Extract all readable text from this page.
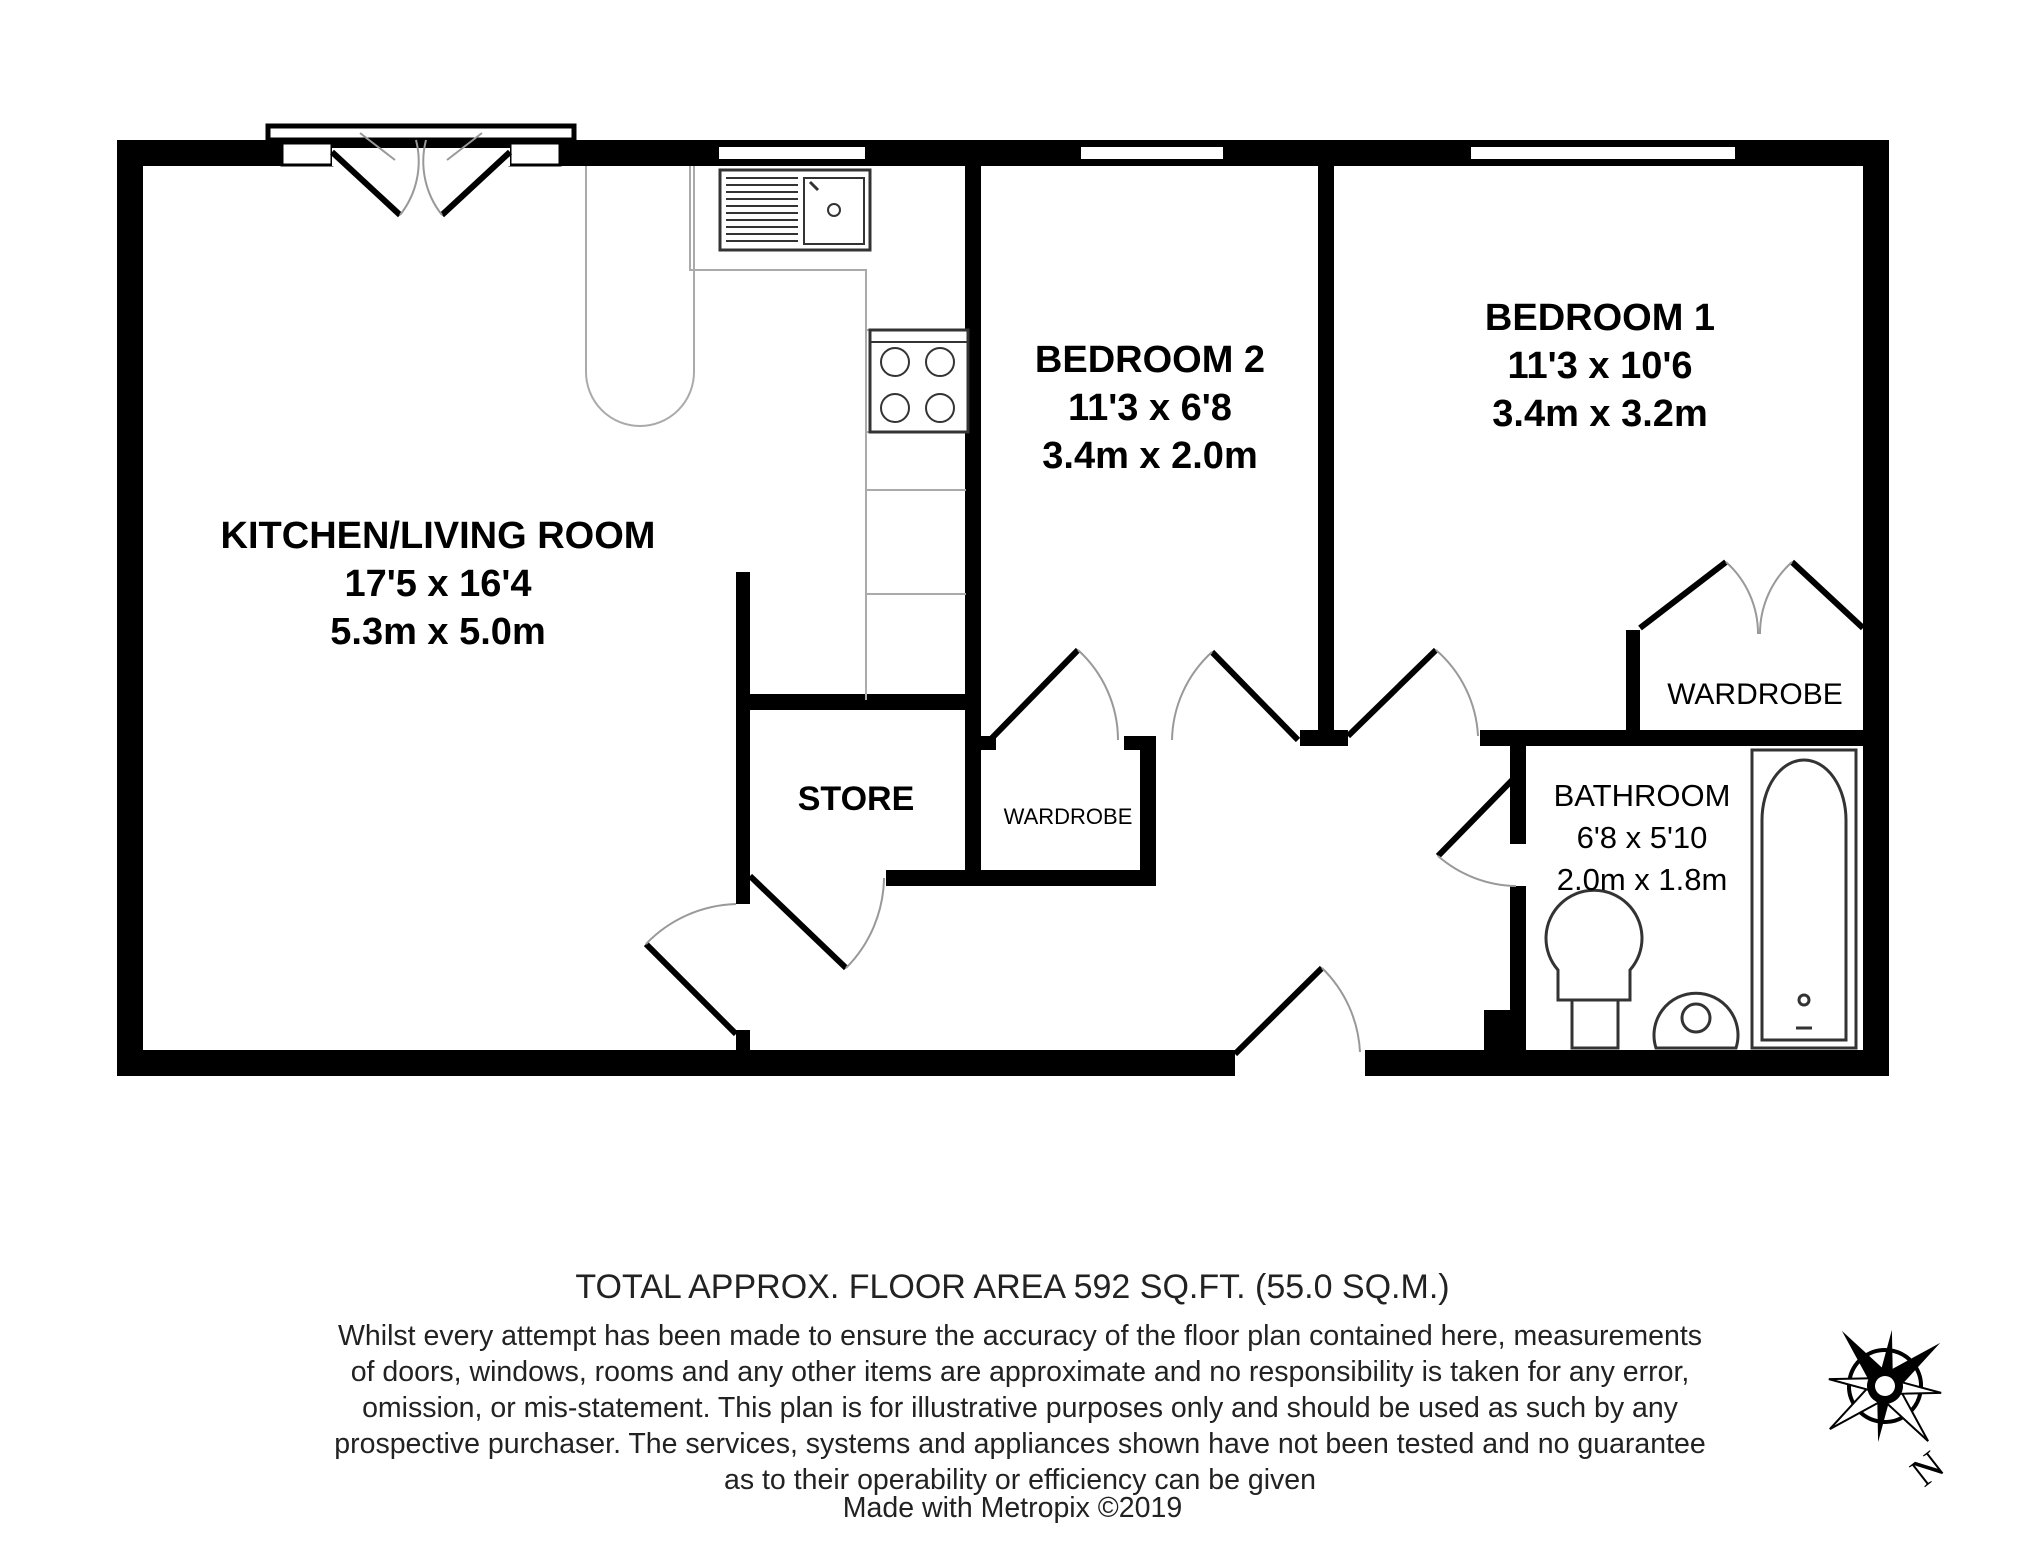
KITCHEN/LIVING ROOM
17'5 x 16'4
5.3m x 5.0m
BEDROOM 2
11'3 x 6'8
3.4m x 2.0m
BEDROOM 1
11'3 x 10'6
3.4m x 3.2m
BATHROOM
6'8 x 5'10
2.0m x 1.8m
STORE	WARDROBE
WARDROBE
N
TOTAL APPROX. FLOOR AREA 592 SQ.FT. (55.0 SQ.M.)
Whilst every attempt has been made to ensure the accuracy of the floor plan contained here, measurements
of doors, windows, rooms and any other items are approximate and no responsibility is taken for any error,
omission, or mis-statement. This plan is for illustrative purposes only and should be used as such by any
prospective purchaser. The services, systems and appliances shown have not been tested and no guarantee
as to their operability or efficiency can be given
Made with Metropix ©2019
